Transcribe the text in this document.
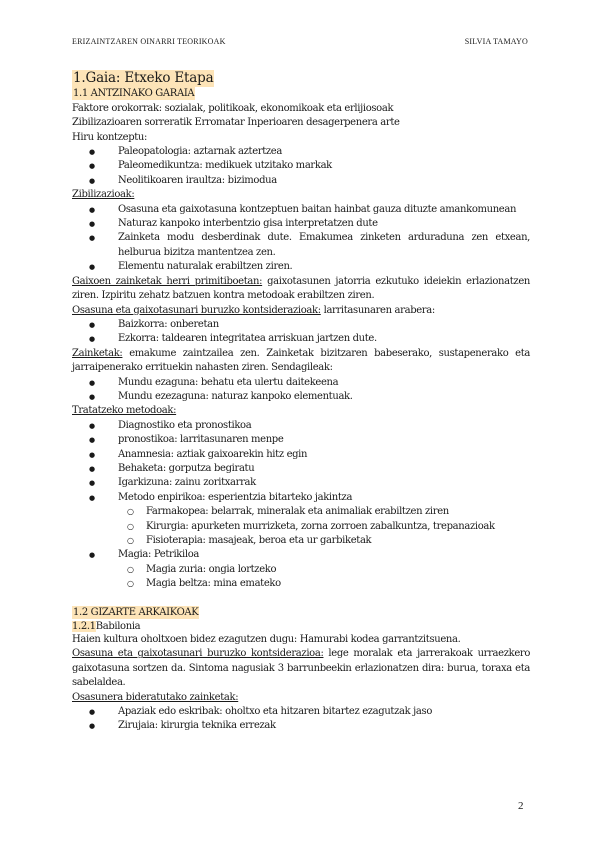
ERIZAINTZAREN OINARRI TEORIKOAK	SILVIA TAMAYO
1.Gaia: Etxeko Etapa
1.1 ANTZINAKO GARAIA

Faktore orokorrak: sozialak, politikoak, ekonomikoak eta erlijiosoak

Zibilizazioaren sorreratik Erromatar Inperioaren desagerpenera arte

Hiru kontzeptu:

● Paleopatologia: aztarnak aztertzea
● Paleomedikuntza: medikuek utzitako markak
● Neolitikoaren iraultza: bizimodua

Zibilizazioak:

● Osasuna eta gaixotasuna kontzeptuen baitan hainbat gauza dituzte amankomunean
● Naturaz kanpoko interbentzio gisa interpretatzen dute
● Zainketa modu desberdinak dute. Emakumea zinketen arduraduna zen etxean, helburua bizitza mantentzea zen.
● Elementu naturalak erabiltzen ziren.

Gaixoen zainketak herri primitiboetan: gaixotasunen jatorria ezkutuko ideiekin erlazionatzen ziren. Izpiritu zehatz batzuen kontra metodoak erabiltzen ziren.

Osasuna eta gaixotasunari buruzko kontsiderazioak: larritasunaren arabera:

● Baizkorra: onberetan
● Ezkorra: taldearen integritatea arriskuan jartzen dute.

Zainketak: emakume zaintzailea zen. Zainketak bizitzaren babeserako, sustapenerako eta jarraipenerako errituekin nahasten ziren. Sendagileak:

● Mundu ezaguna: behatu eta ulertu daitekeena
● Mundu ezezaguna: naturaz kanpoko elementuak.

Tratatzeko metodoak:

● Diagnostiko eta pronostikoa
● pronostikoa: larritasunaren menpe
● Anamnesia: aztiak gaixoarekin hitz egin
● Behaketa: gorputza begiratu
● Igarkizuna: zainu zoritxarrak
● Metodo enpirikoa: esperientzia bitarteko jakintza
○ Farmakopea: belarrak, mineralak eta animaliak erabiltzen ziren
○ Kirurgia: apurketen murrizketa, zorna zorroen zabalkuntza, trepanazioak
○ Fisioterapia: masajeak, beroa eta ur garbiketak
● Magia: Petrikiloa
○ Magia zuria: ongia lortzeko
○ Magia beltza: mina emateko
1.2 GIZARTE ARKAIKOAK
1.2.1Babilonia

Haien kultura oholtxoen bidez ezagutzen dugu: Hamurabi kodea garrantzitsuena.

Osasuna eta gaixotasunari buruzko kontsiderazioa: lege moralak eta jarrerakoak urraezkero gaixotasuna sortzen da. Sintoma nagusiak 3 barrunbeekin erlazionatzen dira: burua, toraxa eta sabelaldea.

Osasunera bideratutako zainketak:

● Apaziak edo eskribak: oholtxo eta hitzaren bitartez ezagutzak jaso
● Zirujaia: kirurgia teknika errezak
2
